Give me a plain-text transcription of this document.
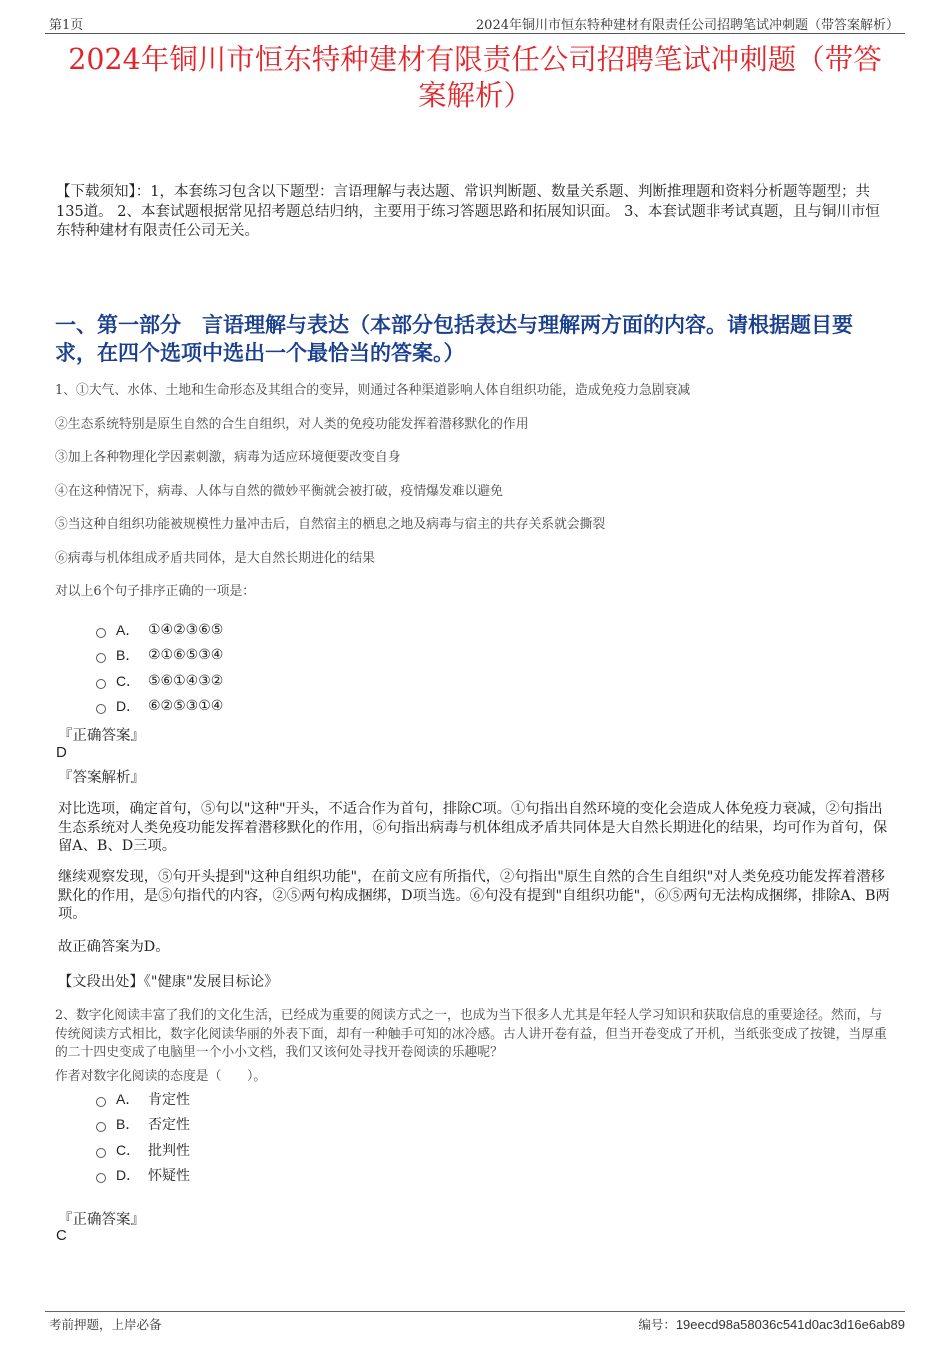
第1页	2024年铜川市恒东特种建材有限责任公司招聘笔试冲刺题（带答案解析）
2024年铜川市恒东特种建材有限责任公司招聘笔试冲刺题（带答案解析）

【下载须知】：1，本套练习包含以下题型：言语理解与表达题、常识判断题、数量关系题、判断推理题和资料分析题等题型；共135道。 2、本套试题根据常见招考题总结归纳，主要用于练习答题思路和拓展知识面。 3、本套试题非考试真题，且与铜川市恒东特种建材有限责任公司无关。

一、第一部分　言语理解与表达（本部分包括表达与理解两方面的内容。请根据题目要求，在四个选项中选出一个最恰当的答案。）

1、①大气、水体、土地和生命形态及其组合的变异，则通过各种渠道影响人体自组织功能，造成免疫力急剧衰减

②生态系统特别是原生自然的合生自组织，对人类的免疫功能发挥着潜移默化的作用

③加上各种物理化学因素刺激，病毒为适应环境便要改变自身

④在这种情况下，病毒、人体与自然的微妙平衡就会被打破，疫情爆发难以避免

⑤当这种自组织功能被规模性力量冲击后，自然宿主的栖息之地及病毒与宿主的共存关系就会撕裂

⑥病毒与机体组成矛盾共同体，是大自然长期进化的结果

对以上6个句子排序正确的一项是：

A． ①④②③⑥⑤
B． ②①⑥⑤③④
C． ⑤⑥①④③②
D． ⑥②⑤③①④
『正确答案』
D
『答案解析』

对比选项，确定首句，⑤句以"这种"开头，不适合作为首句，排除C项。①句指出自然环境的变化会造成人体免疫力衰减，②句指出生态系统对人类免疫功能发挥着潜移默化的作用，⑥句指出病毒与机体组成矛盾共同体是大自然长期进化的结果，均可作为首句，保留A、B、D三项。

继续观察发现，⑤句开头提到"这种自组织功能"，在前文应有所指代，②句指出"原生自然的合生自组织"对人类免疫功能发挥着潜移默化的作用，是⑤句指代的内容，②⑤两句构成捆绑，D项当选。⑥句没有提到"自组织功能"，⑥⑤两句无法构成捆绑，排除A、B两项。

故正确答案为D。

【文段出处】《"健康"发展目标论》

2、数字化阅读丰富了我们的文化生活，已经成为重要的阅读方式之一，也成为当下很多人尤其是年轻人学习知识和获取信息的重要途径。然而，与传统阅读方式相比，数字化阅读华丽的外表下面，却有一种触手可知的冰冷感。古人讲开卷有益，但当开卷变成了开机，当纸张变成了按键，当厚重的二十四史变成了电脑里一个小小文档，我们又该何处寻找开卷阅读的乐趣呢？

作者对数字化阅读的态度是（　　）。

A． 肯定性
B． 否定性
C． 批判性
D． 怀疑性
『正确答案』
C
考前押题，上岸必备	编号：19eecd98a58036c541d0ac3d16e6ab89
